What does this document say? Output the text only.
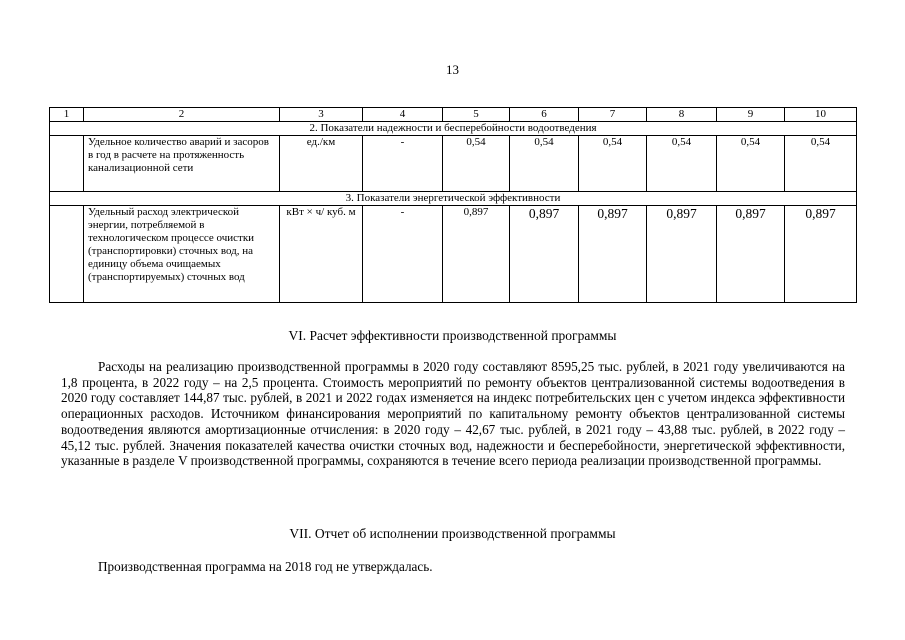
13
1	2	3	4	5	6	7	8	9	10
2. Показатели надежности и бесперебойности водоотведения									
	Удельное количество аварий и засоров в год в расчете на протяженность канализационной сети	ед./км	-	0,54	0,54	0,54	0,54	0,54	0,54
3. Показатели энергетической эффективности									
	Удельный расход электрической энергии, потребляемой в технологическом процессе очистки (транспортировки) сточных вод, на единицу объема очищаемых (транспортируемых) сточных вод	кВт × ч/ куб. м	-	0,897	0,897	0,897	0,897	0,897	0,897
VI. Расчет эффективности производственной программы

Расходы на реализацию производственной программы в 2020 году составляют 8595,25 тыс. рублей, в 2021 году увеличиваются на 1,8 процента, в 2022 году – на 2,5 процента. Стоимость мероприятий по ремонту объектов централизованной системы водоотведения в 2020 году составляет 144,87 тыс. рублей, в 2021 и 2022 годах изменяется на индекс потребительских цен с учетом индекса эффективности операционных расходов. Источником финансирования мероприятий по капитальному ремонту объектов централизованной системы водоотведения являются амортизационные отчисления: в 2020 году – 42,67 тыс. рублей, в 2021 году – 43,88 тыс. рублей, в 2022 году – 45,12 тыс. рублей. Значения показателей качества очистки сточных вод, надежности и бесперебойности, энергетической эффективности, указанные в разделе V производственной программы, сохраняются в течение всего периода реализации производственной программы.

VII. Отчет об исполнении производственной программы

Производственная программа на 2018 год не утверждалась.
